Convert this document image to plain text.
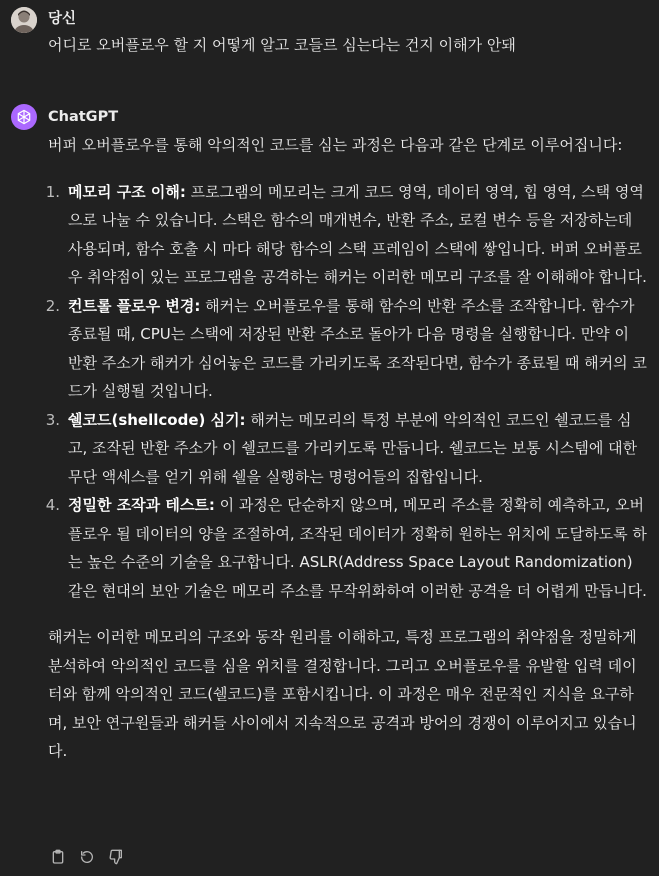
당신
어디로 오버플로우 할 지 어떻게 알고 코들르 심는다는 건지 이해가 안돼
ChatGPT

버퍼 오버플로우를 통해 악의적인 코드를 심는 과정은 다음과 같은 단계로 이루어집니다:

1. 메모리 구조 이해: 프로그램의 메모리는 크게 코드 영역, 데이터 영역, 힙 영역, 스택 영역으로 나눌 수 있습니다. 스택은 함수의 매개변수, 반환 주소, 로컬 변수 등을 저장하는데 사용되며, 함수 호출 시 마다 해당 함수의 스택 프레임이 스택에 쌓입니다. 버퍼 오버플로우 취약점이 있는 프로그램을 공격하는 해커는 이러한 메모리 구조를 잘 이해해야 합니다.
2. 컨트롤 플로우 변경: 해커는 오버플로우를 통해 함수의 반환 주소를 조작합니다. 함수가 종료될 때, CPU는 스택에 저장된 반환 주소로 돌아가 다음 명령을 실행합니다. 만약 이 반환 주소가 해커가 심어놓은 코드를 가리키도록 조작된다면, 함수가 종료될 때 해커의 코드가 실행될 것입니다.
3. 쉘코드(shellcode) 심기: 해커는 메모리의 특정 부분에 악의적인 코드인 쉘코드를 심고, 조작된 반환 주소가 이 쉘코드를 가리키도록 만듭니다. 쉘코드는 보통 시스템에 대한 무단 액세스를 얻기 위해 쉘을 실행하는 명령어들의 집합입니다.
4. 정밀한 조작과 테스트: 이 과정은 단순하지 않으며, 메모리 주소를 정확히 예측하고, 오버플로우 될 데이터의 양을 조절하여, 조작된 데이터가 정확히 원하는 위치에 도달하도록 하는 높은 수준의 기술을 요구합니다. ASLR(Address Space Layout Randomization) 같은 현대의 보안 기술은 메모리 주소를 무작위화하여 이러한 공격을 더 어렵게 만듭니다.

해커는 이러한 메모리의 구조와 동작 원리를 이해하고, 특정 프로그램의 취약점을 정밀하게 분석하여 악의적인 코드를 심을 위치를 결정합니다. 그리고 오버플로우를 유발할 입력 데이터와 함께 악의적인 코드(쉘코드)를 포함시킵니다. 이 과정은 매우 전문적인 지식을 요구하며, 보안 연구원들과 해커들 사이에서 지속적으로 공격과 방어의 경쟁이 이루어지고 있습니다.
